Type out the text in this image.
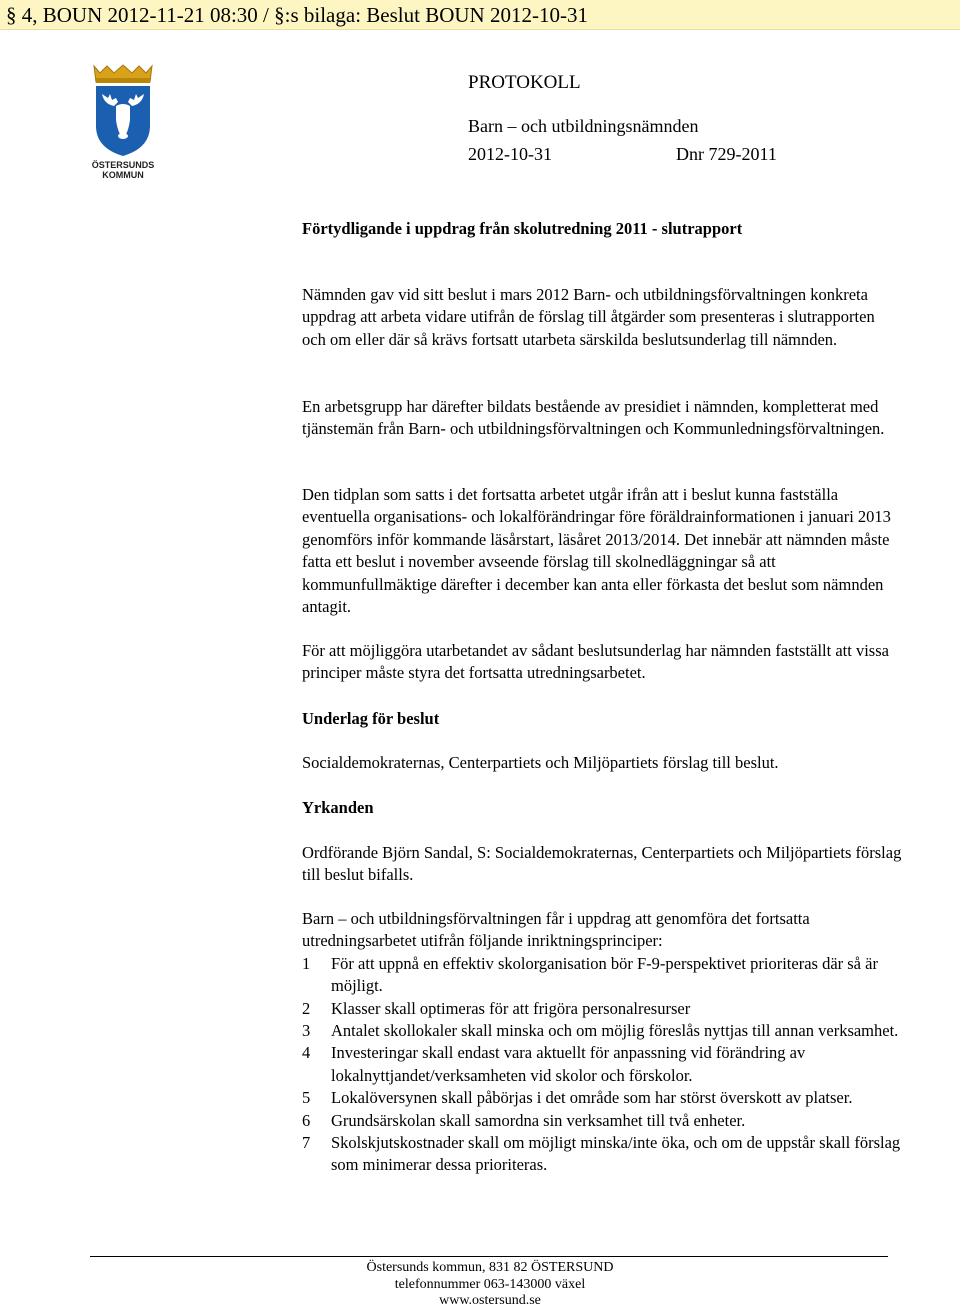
§ 4, BOUN 2012-11-21 08:30 / §:s bilaga: Beslut BOUN 2012-10-31
ÖSTERSUNDS
KOMMUN
PROTOKOLL
Barn – och utbildningsnämnden
2012-10-31	Dnr 729-2011
Förtydligande i uppdrag från skolutredning 2011 - slutrapport

Nämnden gav vid sitt beslut i mars 2012 Barn- och utbildningsförvaltningen konkreta uppdrag att arbeta vidare utifrån de förslag till åtgärder som presenteras i slutrapporten och om eller där så krävs fortsatt utarbeta särskilda beslutsunderlag till nämnden.

En arbetsgrupp har därefter bildats bestående av presidiet i nämnden, kompletterat med tjänstemän från Barn- och utbildningsförvaltningen och Kommunledningsförvaltningen.

Den tidplan som satts i det fortsatta arbetet utgår ifrån att i beslut kunna fastställa eventuella organisations- och lokalförändringar före föräldrainformationen i januari 2013 genomförs inför kommande läsårstart, läsåret 2013/2014. Det innebär att nämnden måste fatta ett beslut i november avseende förslag till skolnedläggningar så att kommunfullmäktige därefter i december kan anta eller förkasta det beslut som nämnden antagit.

För att möjliggöra utarbetandet av sådant beslutsunderlag har nämnden fastställt att vissa principer måste styra det fortsatta utredningsarbetet.

Underlag för beslut
Socialdemokraternas, Centerpartiets och Miljöpartiets förslag till beslut.
Yrkanden
Ordförande Björn Sandal, S: Socialdemokraternas, Centerpartiets och Miljöpartiets förslag till beslut bifalls.

Barn – och utbildningsförvaltningen får i uppdrag att genomföra det fortsatta utredningsarbetet utifrån följande inriktningsprinciper:

1 För att uppnå en effektiv skolorganisation bör F-9-perspektivet prioriteras där så är möjligt.
2 Klasser skall optimeras för att frigöra personalresurser
3 Antalet skollokaler skall minska och om möjlig föreslås nyttjas till annan verksamhet.
4 Investeringar skall endast vara aktuellt för anpassning vid förändring av lokalnyttjandet/verksamheten vid skolor och förskolor.
5 Lokalöversynen skall påbörjas i det område som har störst överskott av platser.
6 Grundsärskolan skall samordna sin verksamhet till två enheter.
7 Skolskjutskostnader skall om möjligt minska/inte öka, och om de uppstår skall förslag som minimerar dessa prioriteras.
Östersunds kommun, 831 82 ÖSTERSUND
telefonnummer 063-143000 växel
www.ostersund.se
